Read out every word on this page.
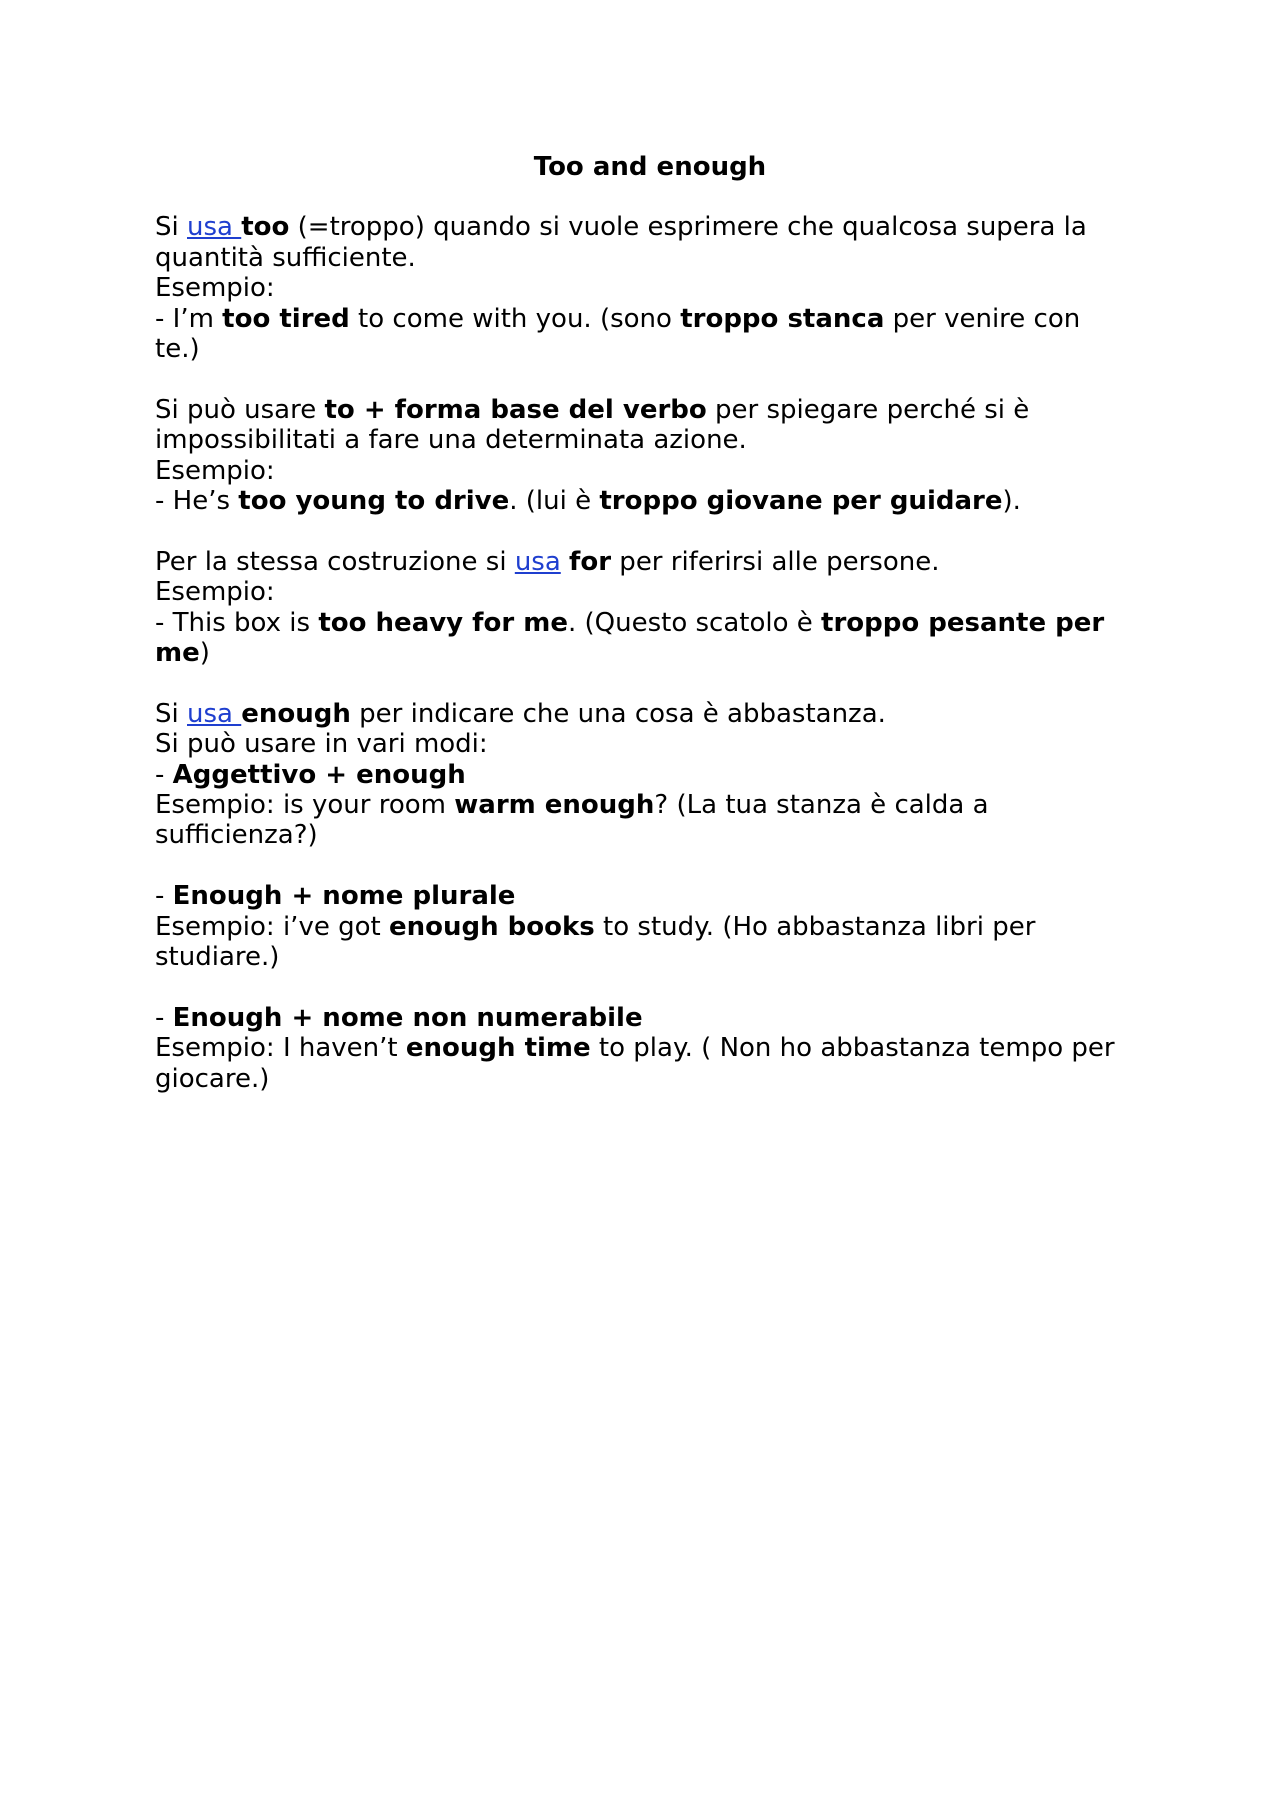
Too and enough
Si usa too (=troppo) quando si vuole esprimere che qualcosa supera la quantità sufficiente.
Esempio:
- I’m too tired to come with you. (sono troppo stanca per venire con te.)
Si può usare to + forma base del verbo per spiegare perché si è impossibilitati a fare una determinata azione.
Esempio:
- He’s too young to drive. (lui è troppo giovane per guidare).
Per la stessa costruzione si usa for per riferirsi alle persone.
Esempio:
- This box is too heavy for me. (Questo scatolo è troppo pesante per me)
Si usa enough per indicare che una cosa è abbastanza.
Si può usare in vari modi:
- Aggettivo + enough
Esempio: is your room warm enough? (La tua stanza è calda a sufficienza?)
- Enough + nome plurale
Esempio: i’ve got enough books to study. (Ho abbastanza libri per studiare.)
- Enough + nome non numerabile
Esempio: I haven’t enough time to play. ( Non ho abbastanza tempo per giocare.)
